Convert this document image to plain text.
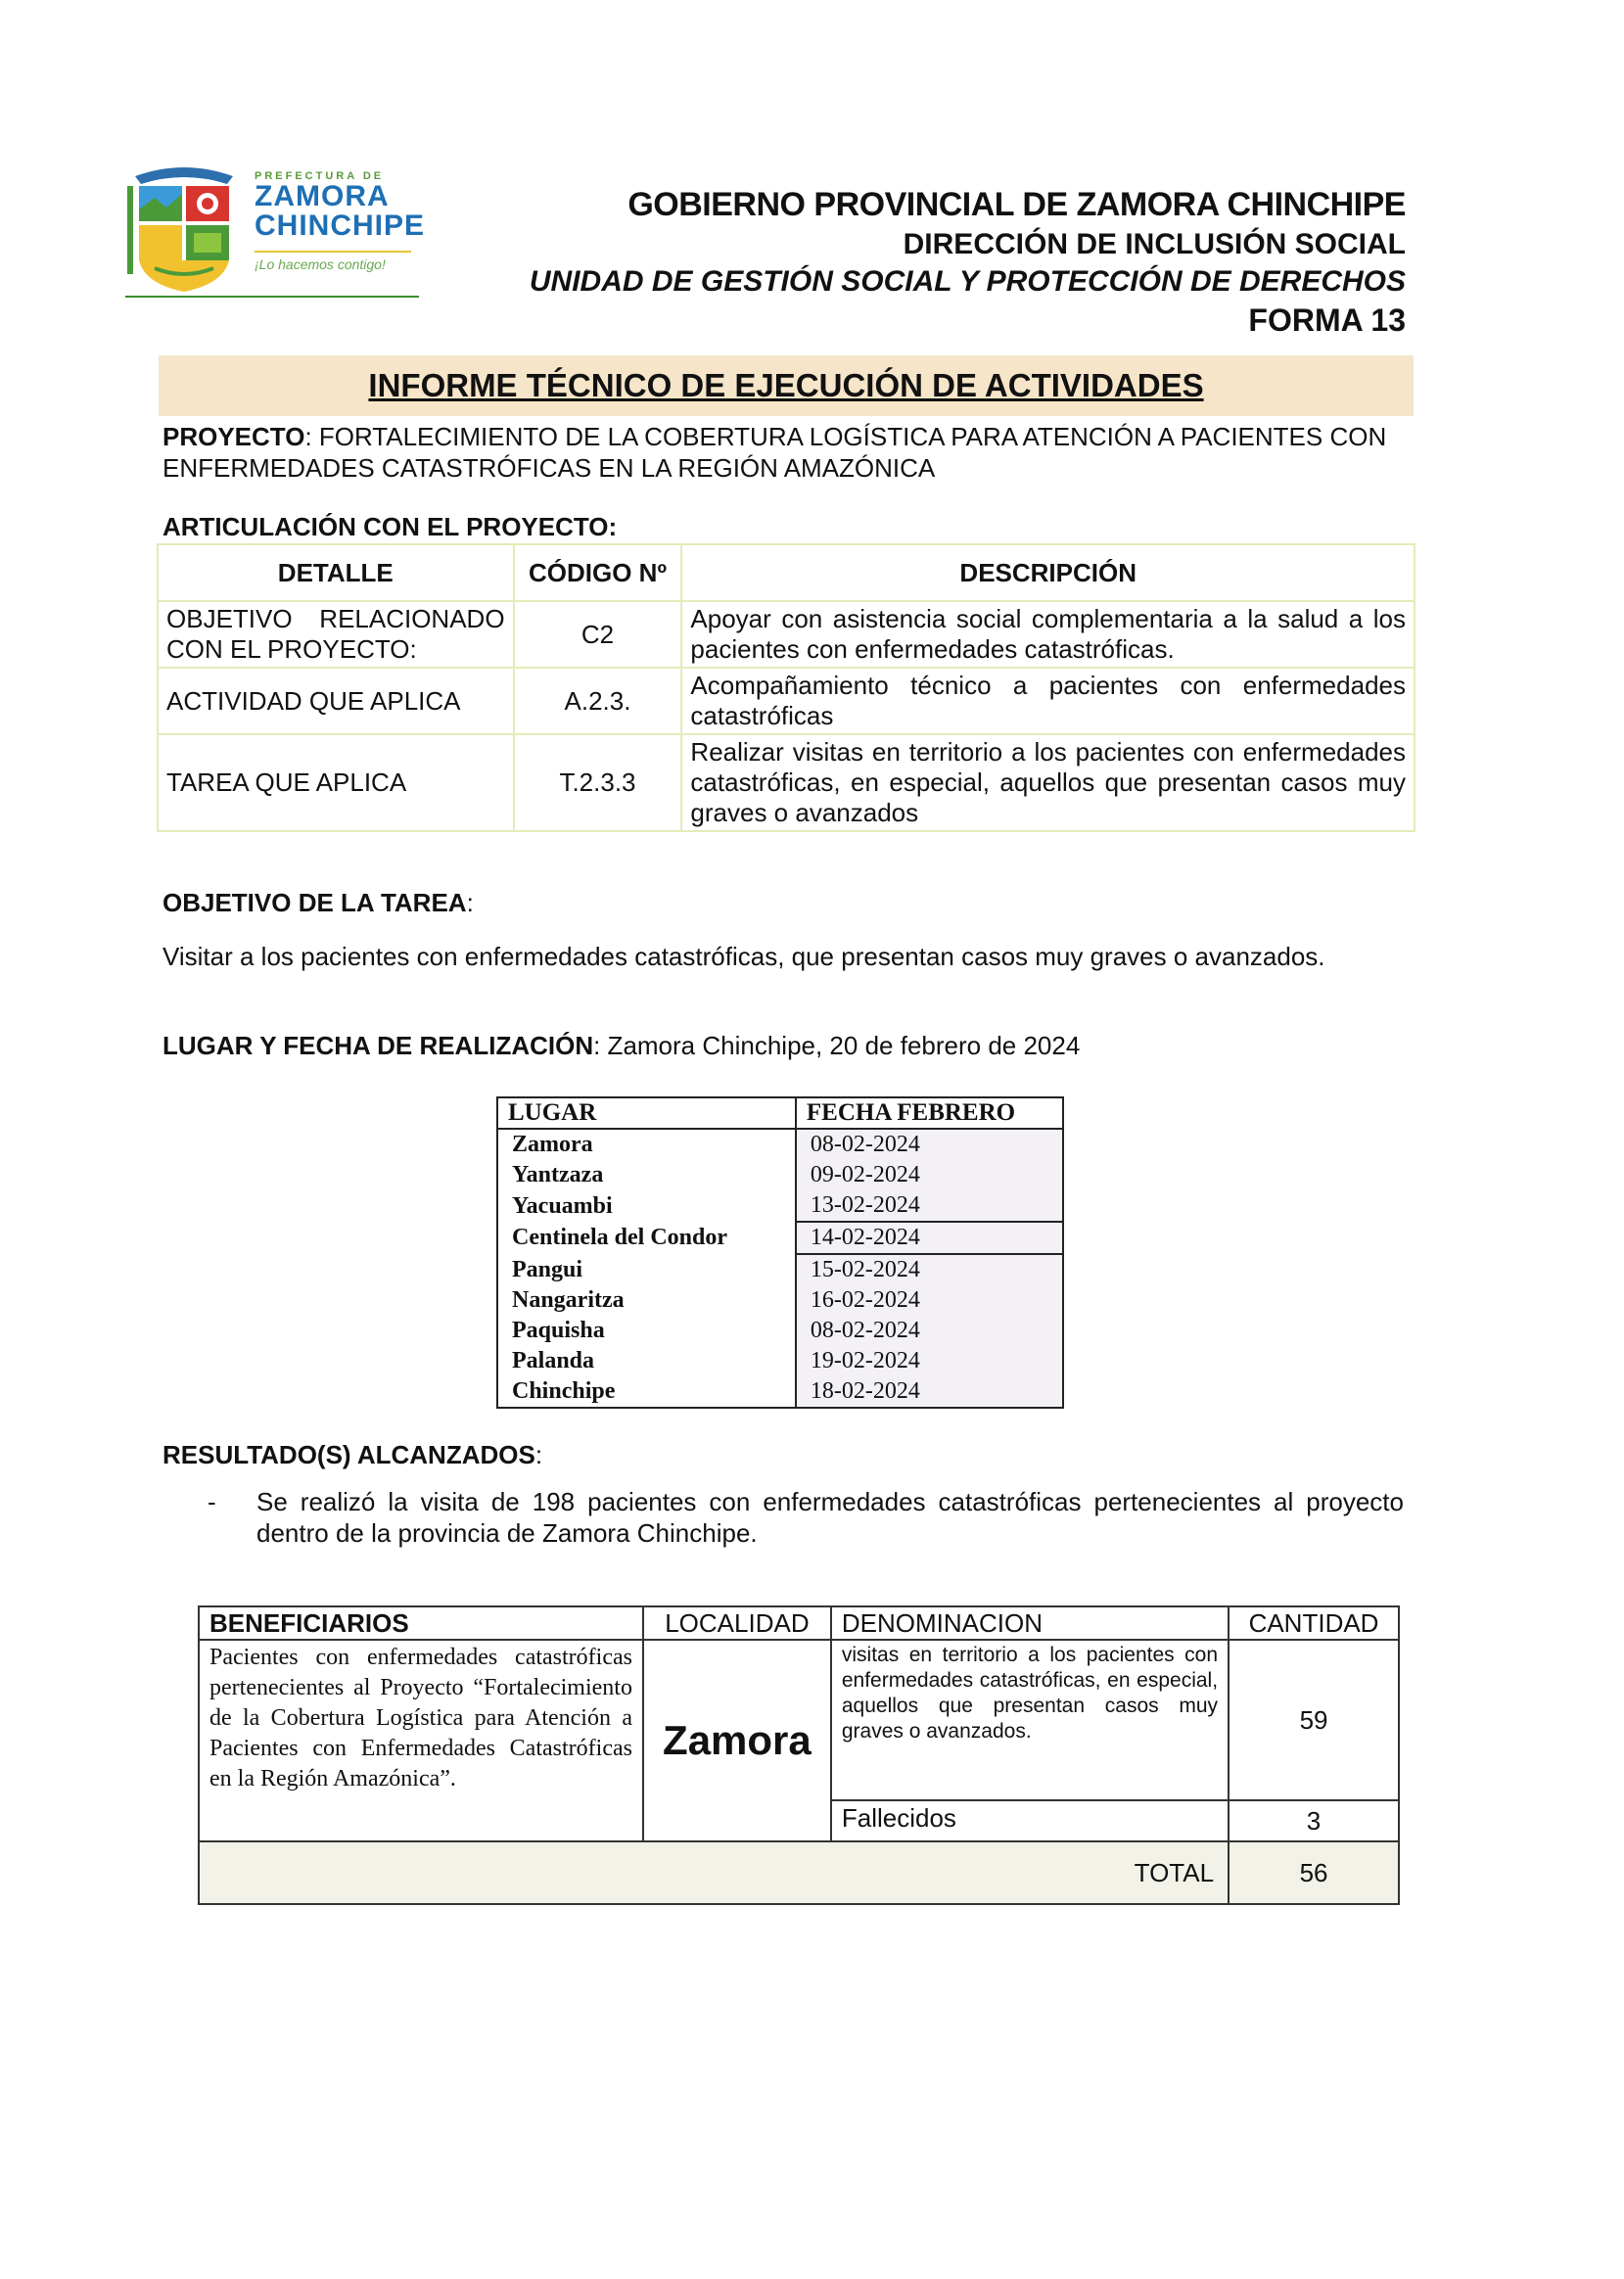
PREFECTURA DE
ZAMORA
CHINCHIPE
¡Lo hacemos contigo!
GOBIERNO PROVINCIAL DE ZAMORA CHINCHIPE
DIRECCIÓN DE INCLUSIÓN SOCIAL
UNIDAD DE GESTIÓN SOCIAL Y PROTECCIÓN DE DERECHOS
FORMA 13
INFORME TÉCNICO DE EJECUCIÓN DE ACTIVIDADES
PROYECTO: FORTALECIMIENTO DE LA COBERTURA LOGÍSTICA PARA ATENCIÓN A PACIENTES CON ENFERMEDADES CATASTRÓFICAS EN LA REGIÓN AMAZÓNICA
ARTICULACIÓN CON EL PROYECTO:
DETALLE	CÓDIGO Nº	DESCRIPCIÓN
OBJETIVO RELACIONADO CON EL PROYECTO:	C2	Apoyar con asistencia social complementaria a la salud a los pacientes con enfermedades catastróficas.
ACTIVIDAD QUE APLICA	A.2.3.	Acompañamiento técnico a pacientes con enfermedades catastróficas
TAREA QUE APLICA	T.2.3.3	Realizar visitas en territorio a los pacientes con enfermedades catastróficas, en especial, aquellos que presentan casos muy graves o avanzados
OBJETIVO DE LA TAREA:
Visitar a los pacientes con enfermedades catastróficas, que presentan casos muy graves o avanzados.
LUGAR Y FECHA DE REALIZACIÓN: Zamora Chinchipe, 20 de febrero de 2024
LUGAR	FECHA FEBRERO
Zamora	08-02-2024
Yantzaza	09-02-2024
Yacuambi	13-02-2024
Centinela del Condor	14-02-2024
Pangui	15-02-2024
Nangaritza	16-02-2024
Paquisha	08-02-2024
Palanda	19-02-2024
Chinchipe	18-02-2024
RESULTADO(S) ALCANZADOS:
- Se realizó la visita de 198 pacientes con enfermedades catastróficas pertenecientes al proyecto dentro de la provincia de Zamora Chinchipe.
BENEFICIARIOS	LOCALIDAD	DENOMINACION	CANTIDAD
Pacientes con enfermedades catastróficas pertenecientes al Proyecto “Fortalecimiento de la Cobertura Logística para Atención a Pacientes con Enfermedades Catastróficas en la Región Amazónica”.	Zamora	visitas en territorio a los pacientes con enfermedades catastróficas, en especial, aquellos que presentan casos muy graves o avanzados.	59
		Fallecidos	3
TOTAL			56
